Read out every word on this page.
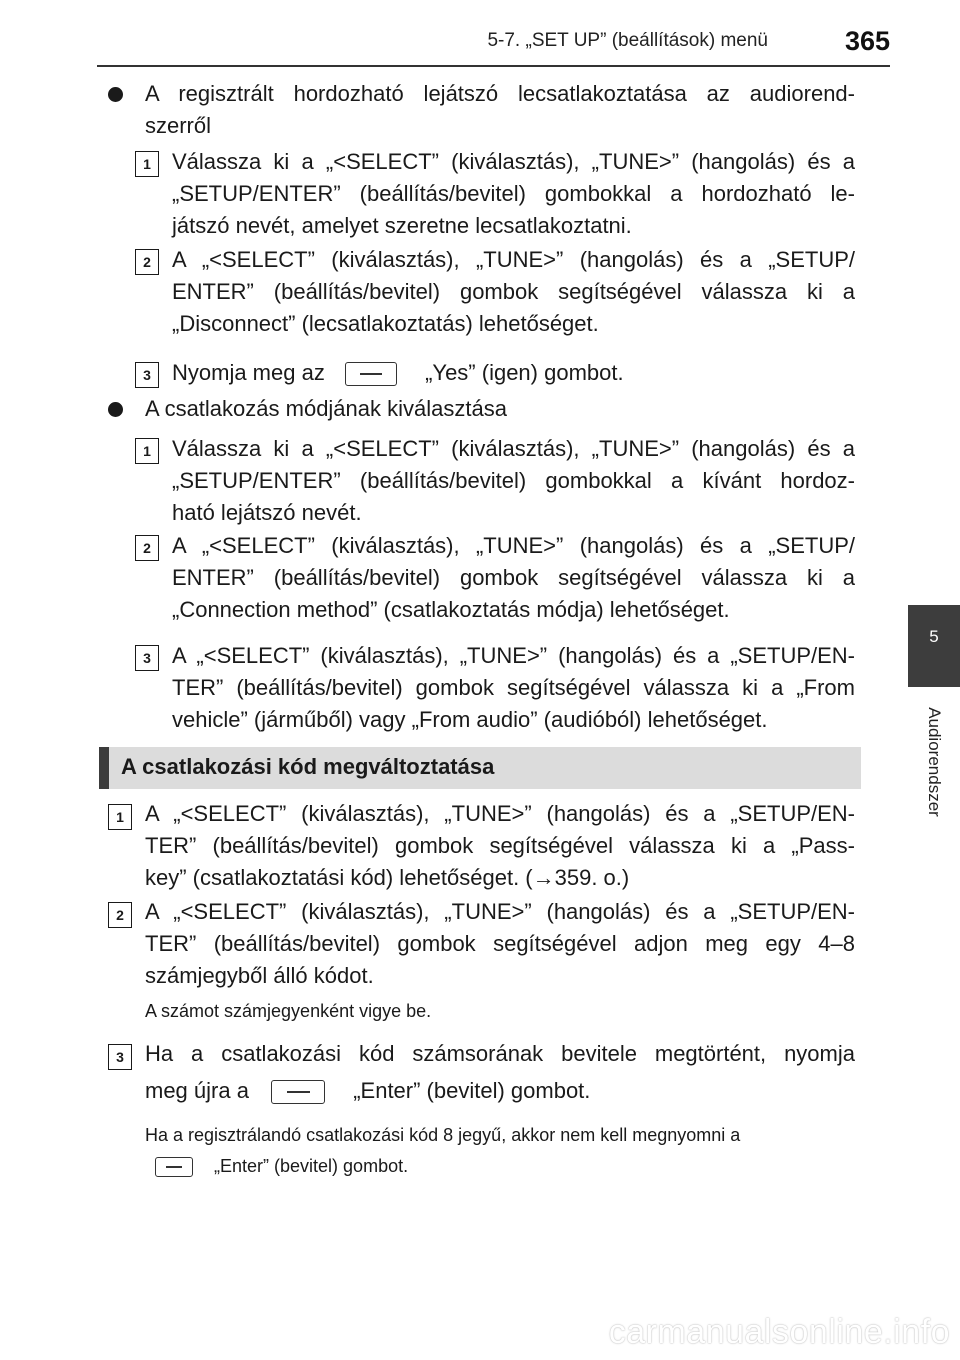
5-7. „SET UP” (beállítások) menü	365
5
Audiorendszer
A regisztrált hordozható lejátszó lecsatlakoztatása az audiorend-
szerről
1 Válassza ki a „<SELECT” (kiválasztás), „TUNE>” (hangolás) és a
„SETUP/ENTER” (beállítás/bevitel) gombokkal a hordozható le-
játszó nevét, amelyet szeretne lecsatlakoztatni.
2 A „<SELECT” (kiválasztás), „TUNE>” (hangolás) és a „SETUP/
ENTER” (beállítás/bevitel) gombok segítségével válassza ki a
„Disconnect” (lecsatlakoztatás) lehetőséget.
3 Nyomja meg az	„Yes” (igen) gombot.
A csatlakozás módjának kiválasztása
1 Válassza ki a „<SELECT” (kiválasztás), „TUNE>” (hangolás) és a
„SETUP/ENTER” (beállítás/bevitel) gombokkal a kívánt hordoz-
ható lejátszó nevét.
2 A „<SELECT” (kiválasztás), „TUNE>” (hangolás) és a „SETUP/
ENTER” (beállítás/bevitel) gombok segítségével válassza ki a
„Connection method” (csatlakoztatás módja) lehetőséget.
3 A „<SELECT” (kiválasztás), „TUNE>” (hangolás) és a „SETUP/EN-
TER” (beállítás/bevitel) gombok segítségével válassza ki a „From
vehicle” (járműből) vagy „From audio” (audióból) lehetőséget.
A csatlakozási kód megváltoztatása
1 A „<SELECT” (kiválasztás), „TUNE>” (hangolás) és a „SETUP/EN-
TER” (beállítás/bevitel) gombok segítségével válassza ki a „Pass-
key” (csatlakoztatási kód) lehetőséget. (→359. o.)
2 A „<SELECT” (kiválasztás), „TUNE>” (hangolás) és a „SETUP/EN-
TER” (beállítás/bevitel) gombok segítségével adjon meg egy 4–8
számjegyből álló kódot.
A számot számjegyenként vigye be.
3 Ha a csatlakozási kód számsorának bevitele megtörtént, nyomja
meg újra a	„Enter” (bevitel) gombot.
Ha a regisztrálandó csatlakozási kód 8 jegyű, akkor nem kell megnyomni a
„Enter” (bevitel) gombot.
carmanualsonline.info
